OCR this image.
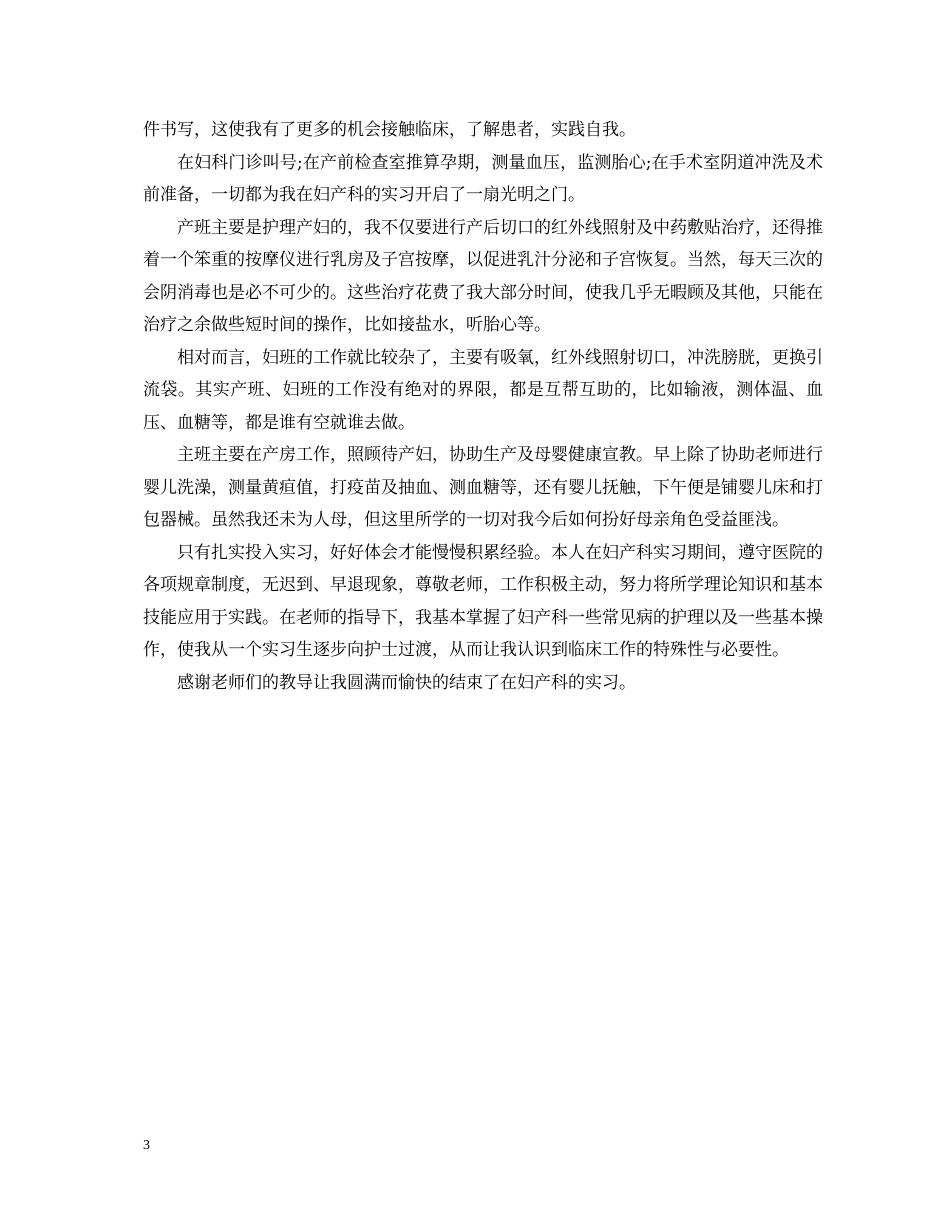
件书写，这使我有了更多的机会接触临床，了解患者，实践自我。

在妇科门诊叫号;在产前检查室推算孕期，测量血压，监测胎心;在手术室阴道冲洗及术前准备，一切都为我在妇产科的实习开启了一扇光明之门。

产班主要是护理产妇的，我不仅要进行产后切口的红外线照射及中药敷贴治疗，还得推着一个笨重的按摩仪进行乳房及子宫按摩，以促进乳汁分泌和子宫恢复。当然，每天三次的会阴消毒也是必不可少的。这些治疗花费了我大部分时间，使我几乎无暇顾及其他，只能在治疗之余做些短时间的操作，比如接盐水，听胎心等。

相对而言，妇班的工作就比较杂了，主要有吸氧，红外线照射切口，冲洗膀胱，更换引流袋。其实产班、妇班的工作没有绝对的界限，都是互帮互助的，比如输液，测体温、血压、血糖等，都是谁有空就谁去做。

主班主要在产房工作，照顾待产妇，协助生产及母婴健康宣教。早上除了协助老师进行婴儿洗澡，测量黄疸值，打疫苗及抽血、测血糖等，还有婴儿抚触，下午便是铺婴儿床和打包器械。虽然我还未为人母，但这里所学的一切对我今后如何扮好母亲角色受益匪浅。

只有扎实投入实习，好好体会才能慢慢积累经验。本人在妇产科实习期间，遵守医院的各项规章制度，无迟到、早退现象，尊敬老师，工作积极主动，努力将所学理论知识和基本技能应用于实践。在老师的指导下，我基本掌握了妇产科一些常见病的护理以及一些基本操作，使我从一个实习生逐步向护士过渡，从而让我认识到临床工作的特殊性与必要性。

感谢老师们的教导让我圆满而愉快的结束了在妇产科的实习。

3
